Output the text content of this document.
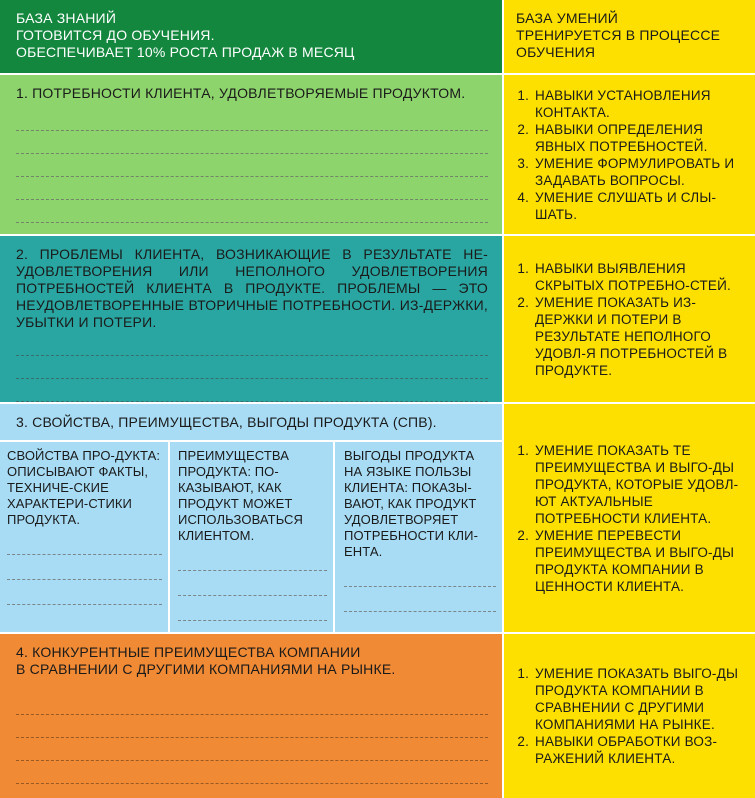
БАЗА ЗНАНИЙ
ГОТОВИТСЯ ДО ОБУЧЕНИЯ.
ОБЕСПЕЧИВАЕТ 10% РОСТА ПРОДАЖ В МЕСЯЦ
БАЗА УМЕНИЙ
ТРЕНИРУЕТСЯ В ПРОЦЕССЕ
ОБУЧЕНИЯ

1. ПОТРЕБНОСТИ КЛИЕНТА, УДОВЛЕТВОРЯЕМЫЕ ПРОДУКТОМ.	1. НАВЫКИ УСТАНОВЛЕНИЯ КОНТАКТА.
2. НАВЫКИ ОПРЕДЕЛЕНИЯ ЯВНЫХ ПОТРЕБНОСТЕЙ.
3. УМЕНИЕ ФОРМУЛИРОВАТЬ И ЗАДАВАТЬ ВОПРОСЫ.
4. УМЕНИЕ СЛУШАТЬ И СЛЫ-ШАТЬ.

2. ПРОБЛЕМЫ КЛИЕНТА, ВОЗНИКАЮЩИЕ В РЕЗУЛЬТАТЕ НЕ-УДОВЛЕТВОРЕНИЯ ИЛИ НЕПОЛНОГО УДОВЛЕТВОРЕНИЯ ПОТРЕБНОСТЕЙ КЛИЕНТА В ПРОДУКТЕ. ПРОБЛЕМЫ — ЭТО НЕУДОВЛЕТВОРЕННЫЕ ВТОРИЧНЫЕ ПОТРЕБНОСТИ. ИЗ-ДЕРЖКИ, УБЫТКИ И ПОТЕРИ.

1. НАВЫКИ ВЫЯВЛЕНИЯ СКРЫТЫХ ПОТРЕБНО-СТЕЙ.
2. УМЕНИЕ ПОКАЗАТЬ ИЗ-ДЕРЖКИ И ПОТЕРИ В РЕЗУЛЬТАТЕ НЕПОЛНОГО УДОВЛ-Я ПОТРЕБНОСТЕЙ В ПРОДУКТЕ.

3. СВОЙСТВА, ПРЕИМУЩЕСТВА, ВЫГОДЫ ПРОДУКТА (СПВ).

СВОЙСТВА ПРО-ДУКТА: ОПИСЫВАЮТ ФАКТЫ, ТЕХНИЧЕ-СКИЕ ХАРАКТЕРИ-СТИКИ ПРОДУКТА.

ПРЕИМУЩЕСТВА ПРОДУКТА: ПО-КАЗЫВАЮТ, КАК ПРОДУКТ МОЖЕТ ИСПОЛЬЗОВАТЬСЯ КЛИЕНТОМ.

ВЫГОДЫ ПРОДУКТА НА ЯЗЫКЕ ПОЛЬЗЫ КЛИЕНТА: ПОКАЗЫ-ВАЮТ, КАК ПРОДУКТ УДОВЛЕТВОРЯЕТ ПОТРЕБНОСТИ КЛИ-ЕНТА.

1. УМЕНИЕ ПОКАЗАТЬ ТЕ ПРЕИМУЩЕСТВА И ВЫГО-ДЫ ПРОДУКТА, КОТОРЫЕ УДОВЛ-ЮТ АКТУАЛЬНЫЕ ПОТРЕБНОСТИ КЛИЕНТА.
2. УМЕНИЕ ПЕРЕВЕСТИ ПРЕИМУЩЕСТВА И ВЫГО-ДЫ ПРОДУКТА КОМПАНИИ В ЦЕННОСТИ КЛИЕНТА.

4. КОНКУРЕНТНЫЕ ПРЕИМУЩЕСТВА КОМПАНИИ
В СРАВНЕНИИ С ДРУГИМИ КОМПАНИЯМИ НА РЫНКЕ.	1. УМЕНИЕ ПОКАЗАТЬ ВЫГО-ДЫ ПРОДУКТА КОМПАНИИ В СРАВНЕНИИ С ДРУГИМИ КОМПАНИЯМИ НА РЫНКЕ.
2. НАВЫКИ ОБРАБОТКИ ВОЗ-РАЖЕНИЙ КЛИЕНТА.
